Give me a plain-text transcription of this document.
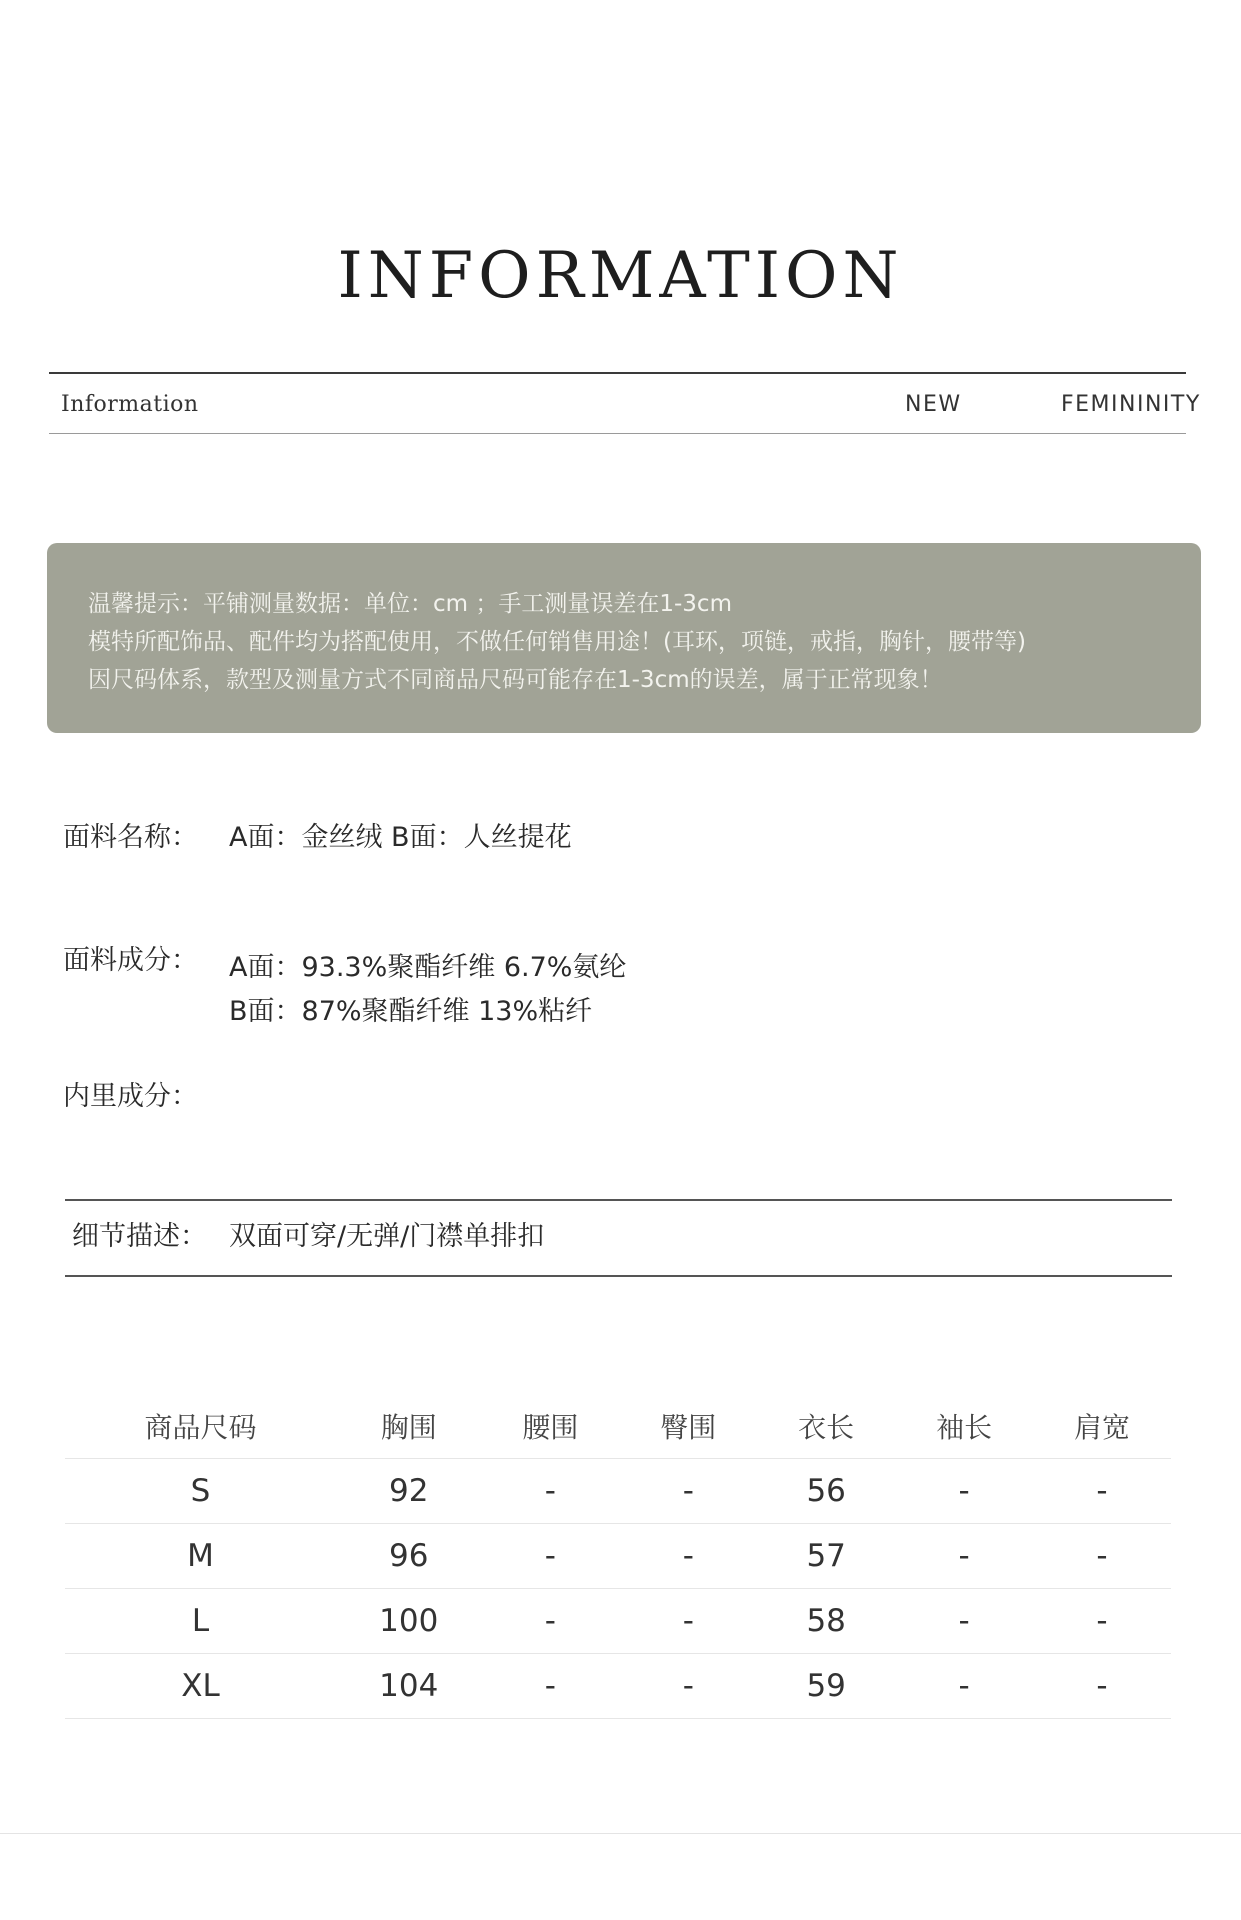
INFORMATION
Information	NEW	FEMININITY
温馨提示：平铺测量数据：单位：cm ；手工测量误差在1-3cm
模特所配饰品、配件均为搭配使用，不做任何销售用途！(耳环，项链，戒指，胸针，腰带等)
因尺码体系，款型及测量方式不同商品尺码可能存在1-3cm的误差，属于正常现象！
面料名称： A面：金丝绒 B面：人丝提花
面料成分： A面：93.3%聚酯纤维 6.7%氨纶
B面：87%聚酯纤维 13%粘纤
内里成分：
细节描述： 双面可穿/无弹/门襟单排扣
商品尺码	胸围	腰围	臀围	衣长	袖长	肩宽
S	92	-	-	56	-	-
M	96	-	-	57	-	-
L	100	-	-	58	-	-
XL	104	-	-	59	-	-
